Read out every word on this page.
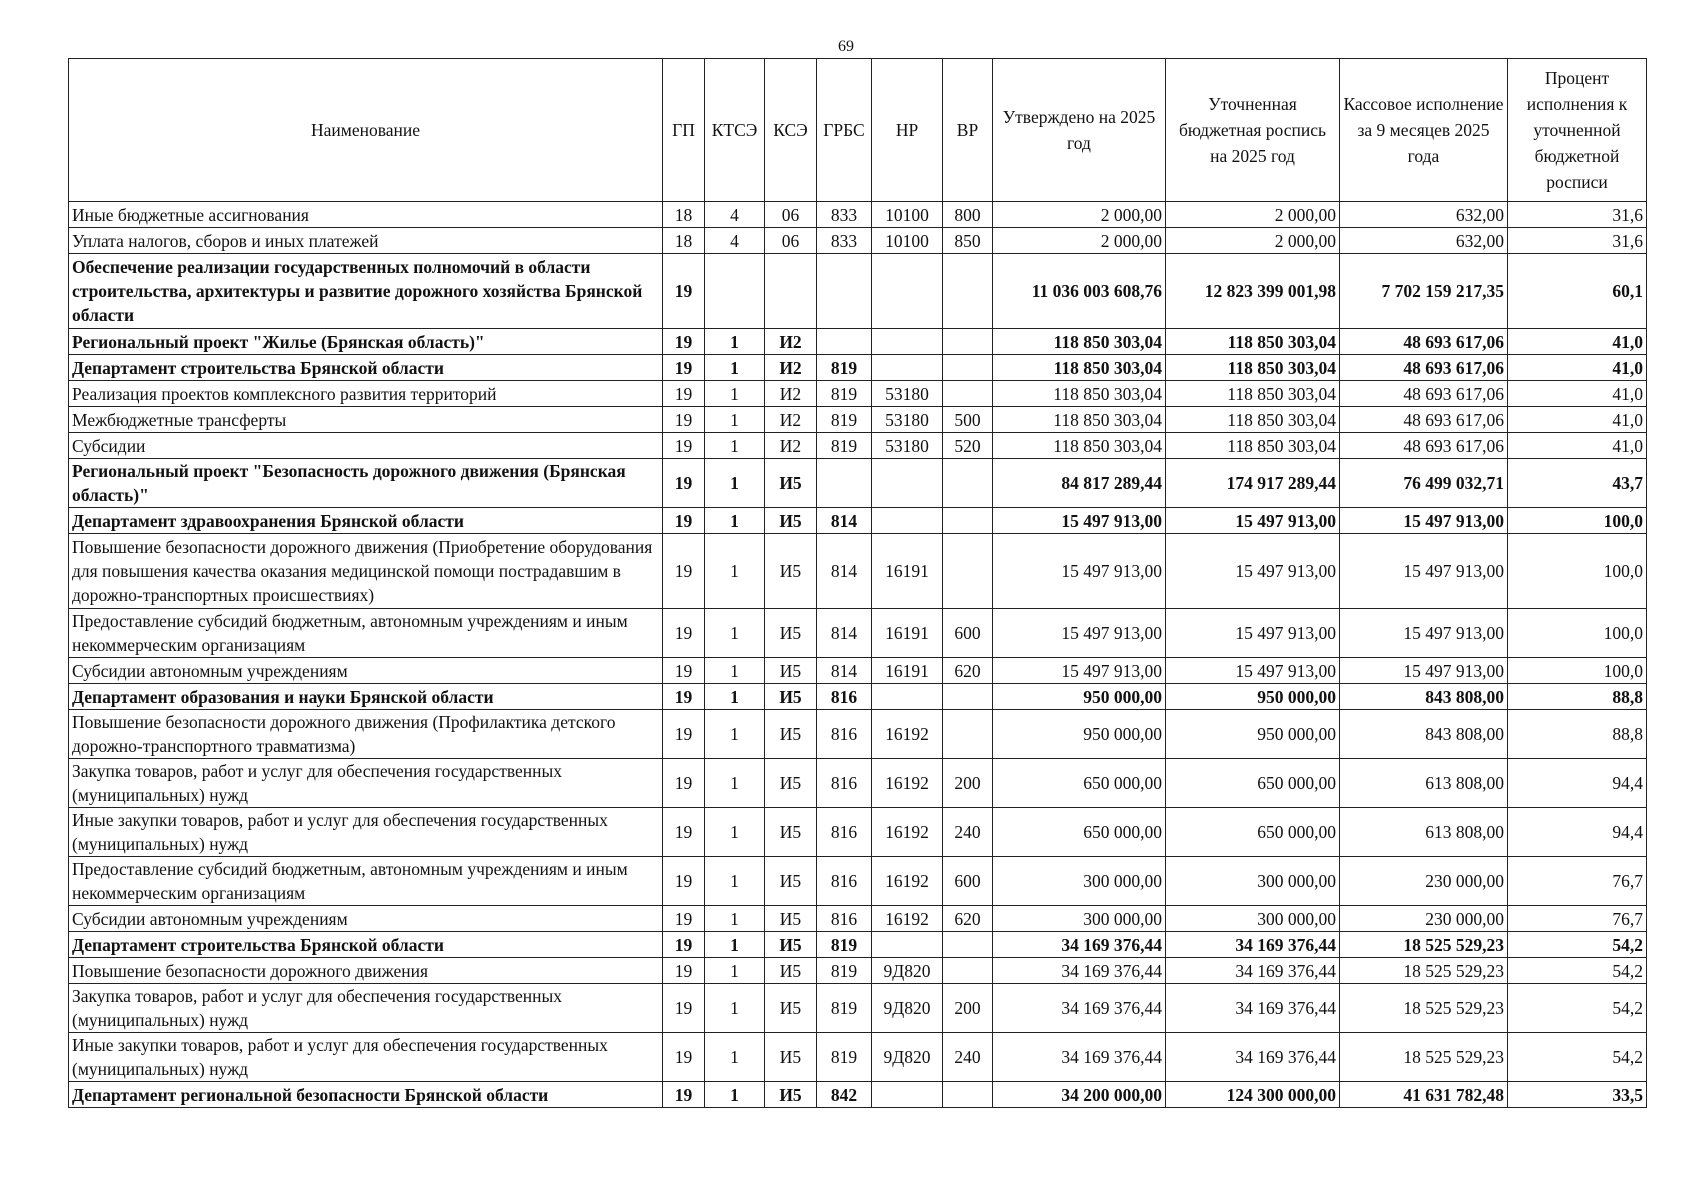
69
Наименование	ГП	КТСЭ	КСЭ	ГРБС	НР	ВР	Утверждено на 2025 год	Уточненная бюджетная роспись на 2025 год	Кассовое исполнение за 9 месяцев 2025 года	Процент исполнения к уточненной бюджетной росписи
Иные бюджетные ассигнования	18	4	06	833	10100	800	2 000,00	2 000,00	632,00	31,6
Уплата налогов, сборов и иных платежей	18	4	06	833	10100	850	2 000,00	2 000,00	632,00	31,6
Обеспечение реализации государственных полномочий в области строительства, архитектуры и развитие дорожного хозяйства Брянской области	19						11 036 003 608,76	12 823 399 001,98	7 702 159 217,35	60,1
Региональный проект "Жилье (Брянская область)"	19	1	И2				118 850 303,04	118 850 303,04	48 693 617,06	41,0
Департамент строительства Брянской области	19	1	И2	819			118 850 303,04	118 850 303,04	48 693 617,06	41,0
Реализация проектов комплексного развития территорий	19	1	И2	819	53180		118 850 303,04	118 850 303,04	48 693 617,06	41,0
Межбюджетные трансферты	19	1	И2	819	53180	500	118 850 303,04	118 850 303,04	48 693 617,06	41,0
Субсидии	19	1	И2	819	53180	520	118 850 303,04	118 850 303,04	48 693 617,06	41,0
Региональный проект "Безопасность дорожного движения (Брянская область)"	19	1	И5				84 817 289,44	174 917 289,44	76 499 032,71	43,7
Департамент здравоохранения Брянской области	19	1	И5	814			15 497 913,00	15 497 913,00	15 497 913,00	100,0
Повышение безопасности дорожного движения (Приобретение оборудования для повышения качества оказания медицинской помощи пострадавшим в дорожно-транспортных происшествиях)	19	1	И5	814	16191		15 497 913,00	15 497 913,00	15 497 913,00	100,0
Предоставление субсидий бюджетным, автономным учреждениям и иным некоммерческим организациям	19	1	И5	814	16191	600	15 497 913,00	15 497 913,00	15 497 913,00	100,0
Субсидии автономным учреждениям	19	1	И5	814	16191	620	15 497 913,00	15 497 913,00	15 497 913,00	100,0
Департамент образования и науки Брянской области	19	1	И5	816			950 000,00	950 000,00	843 808,00	88,8
Повышение безопасности дорожного движения (Профилактика детского дорожно-транспортного травматизма)	19	1	И5	816	16192		950 000,00	950 000,00	843 808,00	88,8
Закупка товаров, работ и услуг для обеспечения государственных (муниципальных) нужд	19	1	И5	816	16192	200	650 000,00	650 000,00	613 808,00	94,4
Иные закупки товаров, работ и услуг для обеспечения государственных (муниципальных) нужд	19	1	И5	816	16192	240	650 000,00	650 000,00	613 808,00	94,4
Предоставление субсидий бюджетным, автономным учреждениям и иным некоммерческим организациям	19	1	И5	816	16192	600	300 000,00	300 000,00	230 000,00	76,7
Субсидии автономным учреждениям	19	1	И5	816	16192	620	300 000,00	300 000,00	230 000,00	76,7
Департамент строительства Брянской области	19	1	И5	819			34 169 376,44	34 169 376,44	18 525 529,23	54,2
Повышение безопасности дорожного движения	19	1	И5	819	9Д820		34 169 376,44	34 169 376,44	18 525 529,23	54,2
Закупка товаров, работ и услуг для обеспечения государственных (муниципальных) нужд	19	1	И5	819	9Д820	200	34 169 376,44	34 169 376,44	18 525 529,23	54,2
Иные закупки товаров, работ и услуг для обеспечения государственных (муниципальных) нужд	19	1	И5	819	9Д820	240	34 169 376,44	34 169 376,44	18 525 529,23	54,2
Департамент региональной безопасности Брянской области	19	1	И5	842			34 200 000,00	124 300 000,00	41 631 782,48	33,5
